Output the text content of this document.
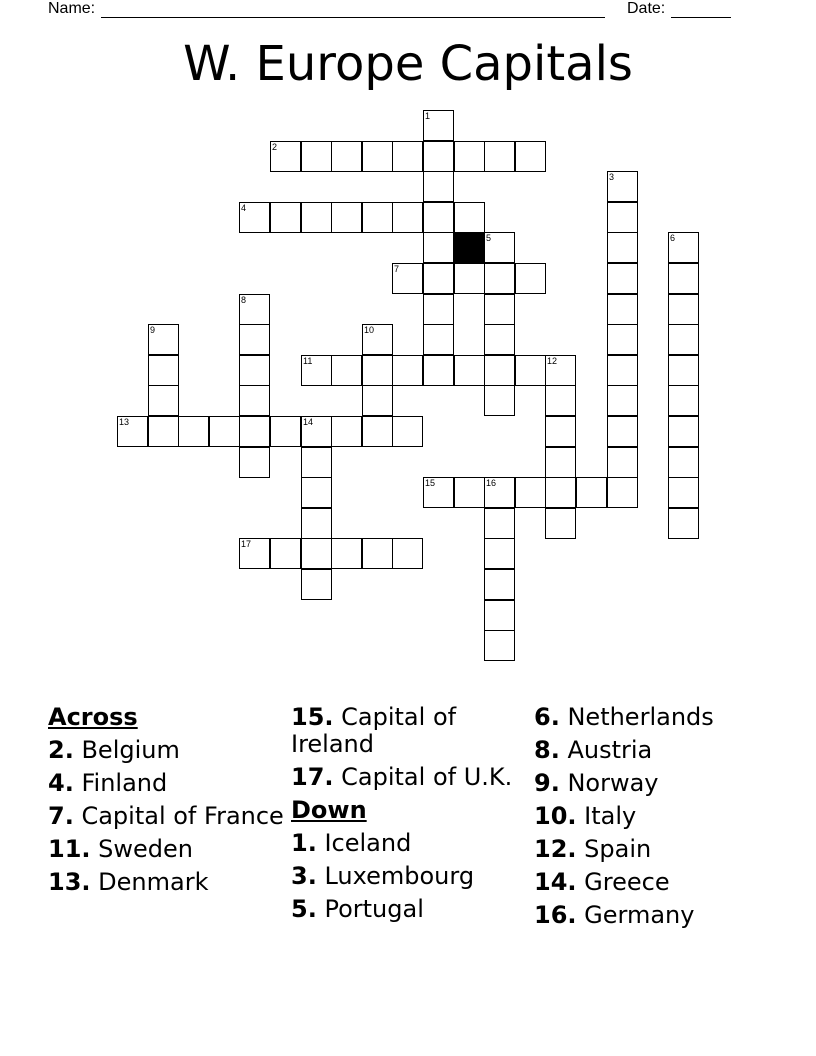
Name:	Date:
W. Europe Capitals
1
2
3
4
5	6
7
8
9	10
11	12
13	14
15	16
17
Across
2. Belgium
4. Finland
7. Capital of France
11. Sweden
13. Denmark
15. Capital of Ireland
17. Capital of U.K.
Down
1. Iceland
3. Luxembourg
5. Portugal
6. Netherlands
8. Austria
9. Norway
10. Italy
12. Spain
14. Greece
16. Germany
